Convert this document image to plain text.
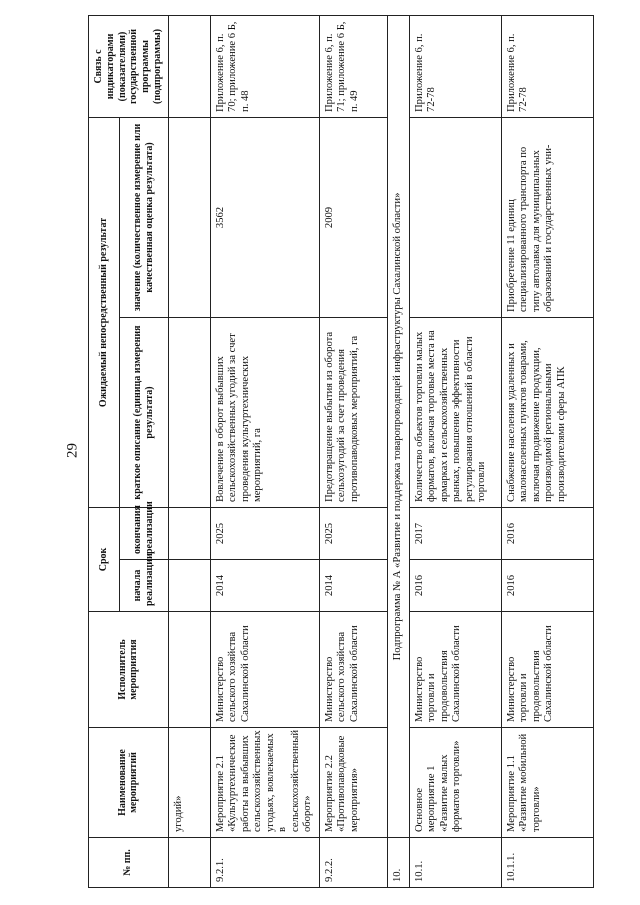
29
№ пп.	Наименование мероприятий	Исполнитель мероприятия	Срок		Ожидаемый непосредственный результат		Связь с индикаторами (показателями) государственной программы (подпрограммы)
			начала реализации	окончания реализации	краткое описание (единица измерения результата)	значение (количественное измерение или качественная оценка результата)	
	угодий»						
9.2.1.	Мероприятие 2.1 «Культуртехнические работы на выбывших сельскохозяйственных угодьях, вовлекаемых в сельскохозяйственный оборот»	Министерство сельского хозяйства Сахалинской области	2014	2025	Вовлечение в оборот выбывших сельскохозяйственных угодий за счет проведения культуртехнических мероприятий, га	3562	Приложение 6, п. 70; приложение 6 Б, п. 48
9.2.2.	Мероприятие 2.2 «Противопаводковые мероприятия»	Министерство сельского хозяйства Сахалинской области	2014	2025	Предотвращение выбытия из оборота сельхозугодий за счет проведения противопаводковых мероприятий, га	2009	Приложение 6, п. 71; приложение 6 Б, п. 49
10.	Подпрограмма № А «Развитие и поддержка товаропроводящей инфраструктуры Сахалинской области»						
10.1.	Основное мероприятие 1 «Развитие малых форматов торговли»	Министерство торговли и продовольствия Сахалинской области	2016	2017	Количество объектов торговли малых форматов, включая торговые места на ярмарках и сельскохозяйственных рынках, повышение эффективности регулирования отношений в области торговли		Приложение 6, п. 72-78
10.1.1.	Мероприятие 1.1 «Развитие мобильной торговли»	Министерство торговли и продовольствия Сахалинской области	2016	2016	Снабжение населения удаленных и малонаселенных пунктов товарами, включая продвижение продукции, производимой региональными производителями сферы АПК	Приобретение 11 единиц специализированного транспорта по типу автолавка для муниципальных образований и государственных уни-	Приложение 6, п. 72-78
